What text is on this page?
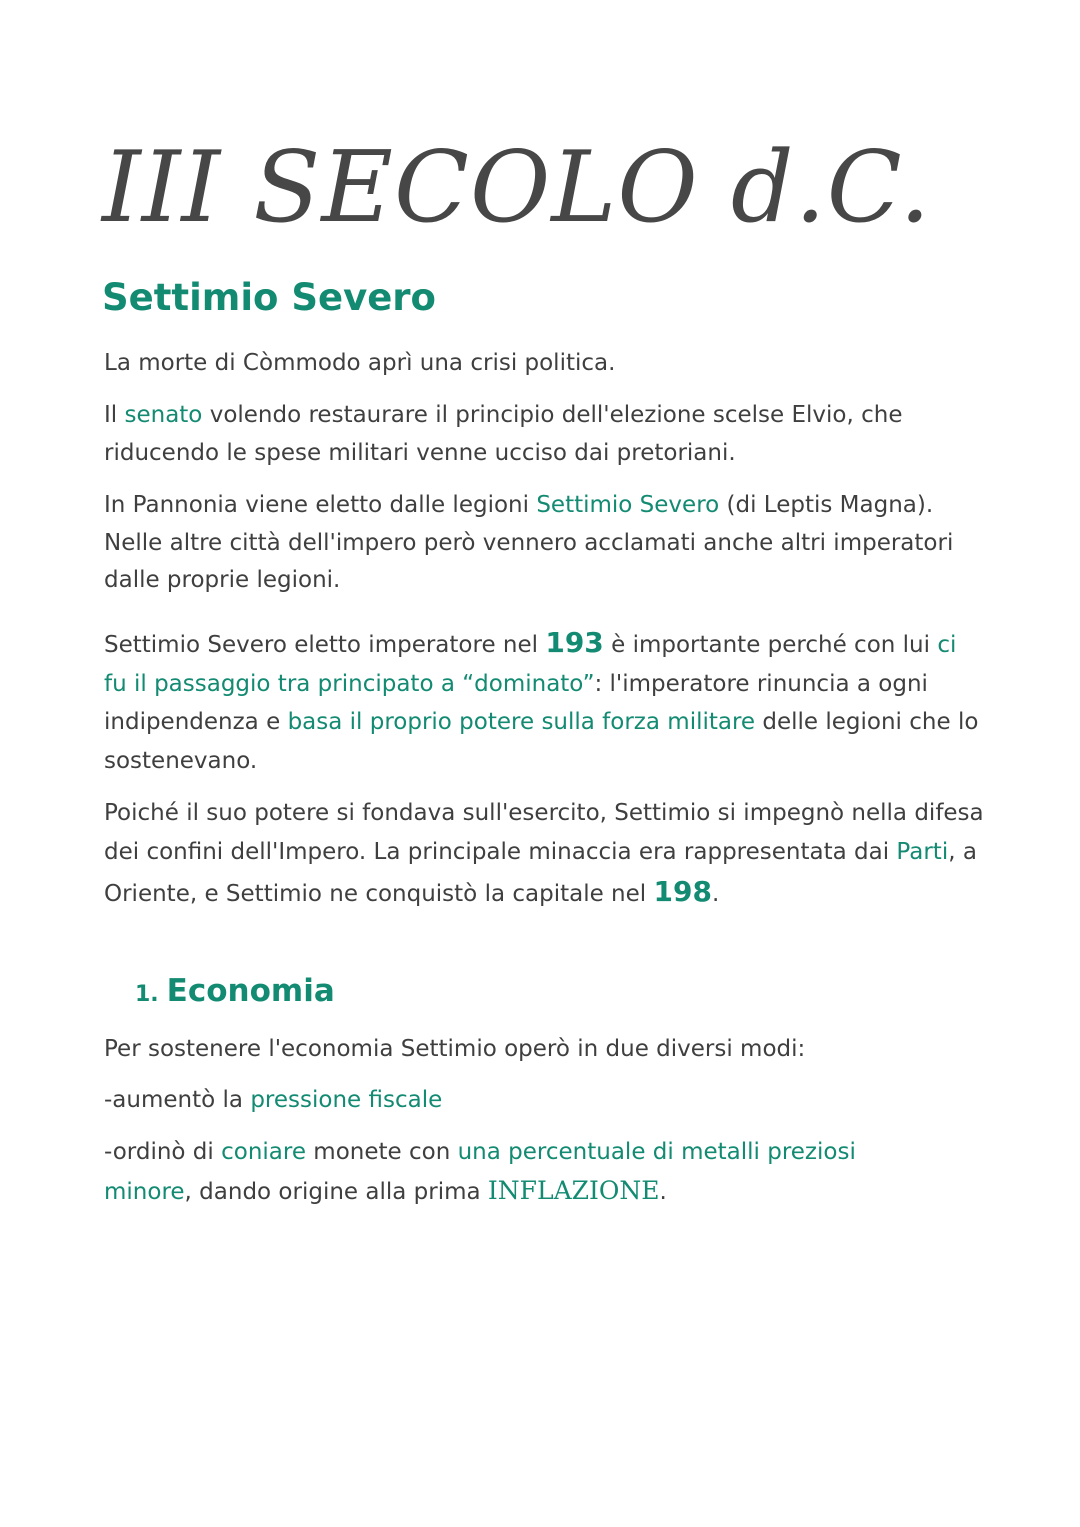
III SECOLO d.C.
Settimio Severo

La morte di Còmmodo aprì una crisi politica.

Il senato volendo restaurare il principio dell'elezione scelse Elvio, che riducendo le spese militari venne ucciso dai pretoriani.

In Pannonia viene eletto dalle legioni Settimio Severo (di Leptis Magna). Nelle altre città dell'impero però vennero acclamati anche altri imperatori dalle proprie legioni.

Settimio Severo eletto imperatore nel 193 è importante perché con lui ci fu il passaggio tra principato a “dominato”: l'imperatore rinuncia a ogni indipendenza e basa il proprio potere sulla forza militare delle legioni che lo sostenevano.

Poiché il suo potere si fondava sull'esercito, Settimio si impegnò nella difesa dei confini dell'Impero. La principale minaccia era rappresentata dai Parti, a Oriente, e Settimio ne conquistò la capitale nel 198.

1. Economia

Per sostenere l'economia Settimio operò in due diversi modi:

-aumentò la pressione fiscale

-ordinò di coniare monete con una percentuale di metalli preziosi

minore, dando origine alla prima INFLAZIONE.
